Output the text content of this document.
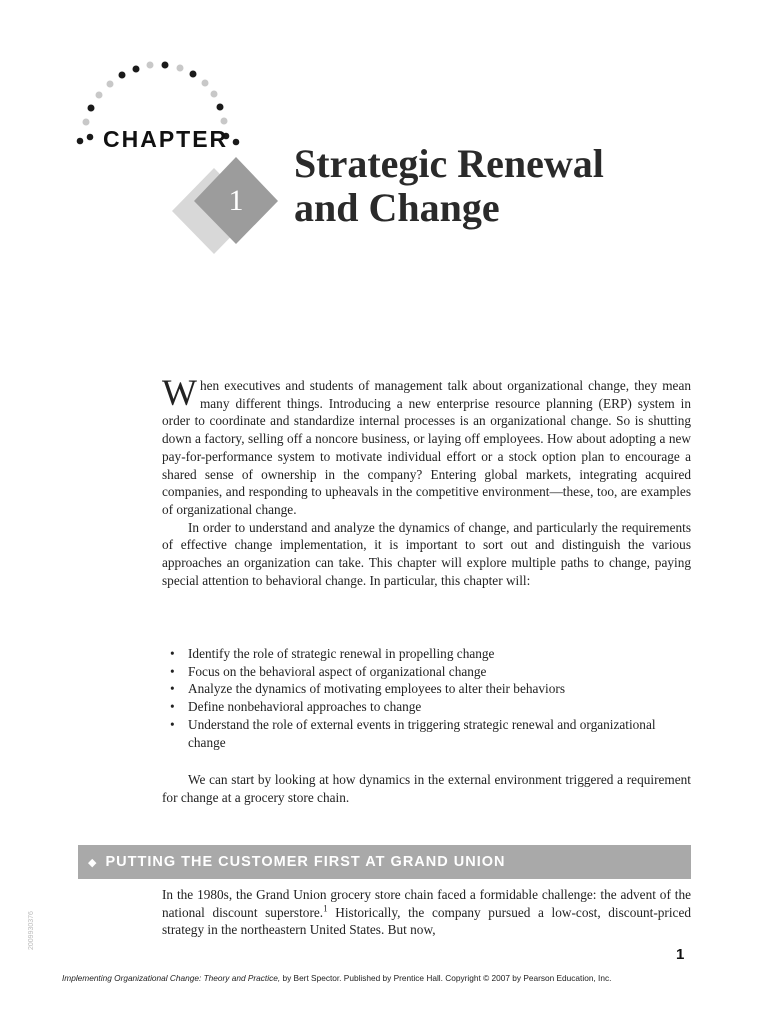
CHAPTER
1
Strategic Renewal
and Change

When executives and students of management talk about organizational change, they mean many different things. Introducing a new enterprise resource planning (ERP) system in order to coordinate and standardize internal processes is an organizational change. So is shutting down a factory, selling off a noncore business, or laying off employees. How about adopting a new pay-for-performance system to motivate individual effort or a stock option plan to encourage a shared sense of ownership in the company? Entering global markets, integrating acquired companies, and responding to upheavals in the competitive environment—these, too, are examples of organizational change.

In order to understand and analyze the dynamics of change, and particularly the requirements of effective change implementation, it is important to sort out and distinguish the various approaches an organization can take. This chapter will explore multiple paths to change, paying special attention to behavioral change. In particular, this chapter will:

• Identify the role of strategic renewal in propelling change
• Focus on the behavioral aspect of organizational change
• Analyze the dynamics of motivating employees to alter their behaviors
• Define nonbehavioral approaches to change
• Understand the role of external events in triggering strategic renewal and organizational change

We can start by looking at how dynamics in the external environment triggered a requirement for change at a grocery store chain.

◆ PUTTING THE CUSTOMER FIRST AT GRAND UNION

In the 1980s, the Grand Union grocery store chain faced a formidable challenge: the advent of the national discount superstore.$^1$ Historically, the company pursued a low-cost, discount-priced strategy in the northeastern United States. But now,

2009930376
1
Implementing Organizational Change: Theory and Practice, by Bert Spector. Published by Prentice Hall. Copyright © 2007 by Pearson Education, Inc.
